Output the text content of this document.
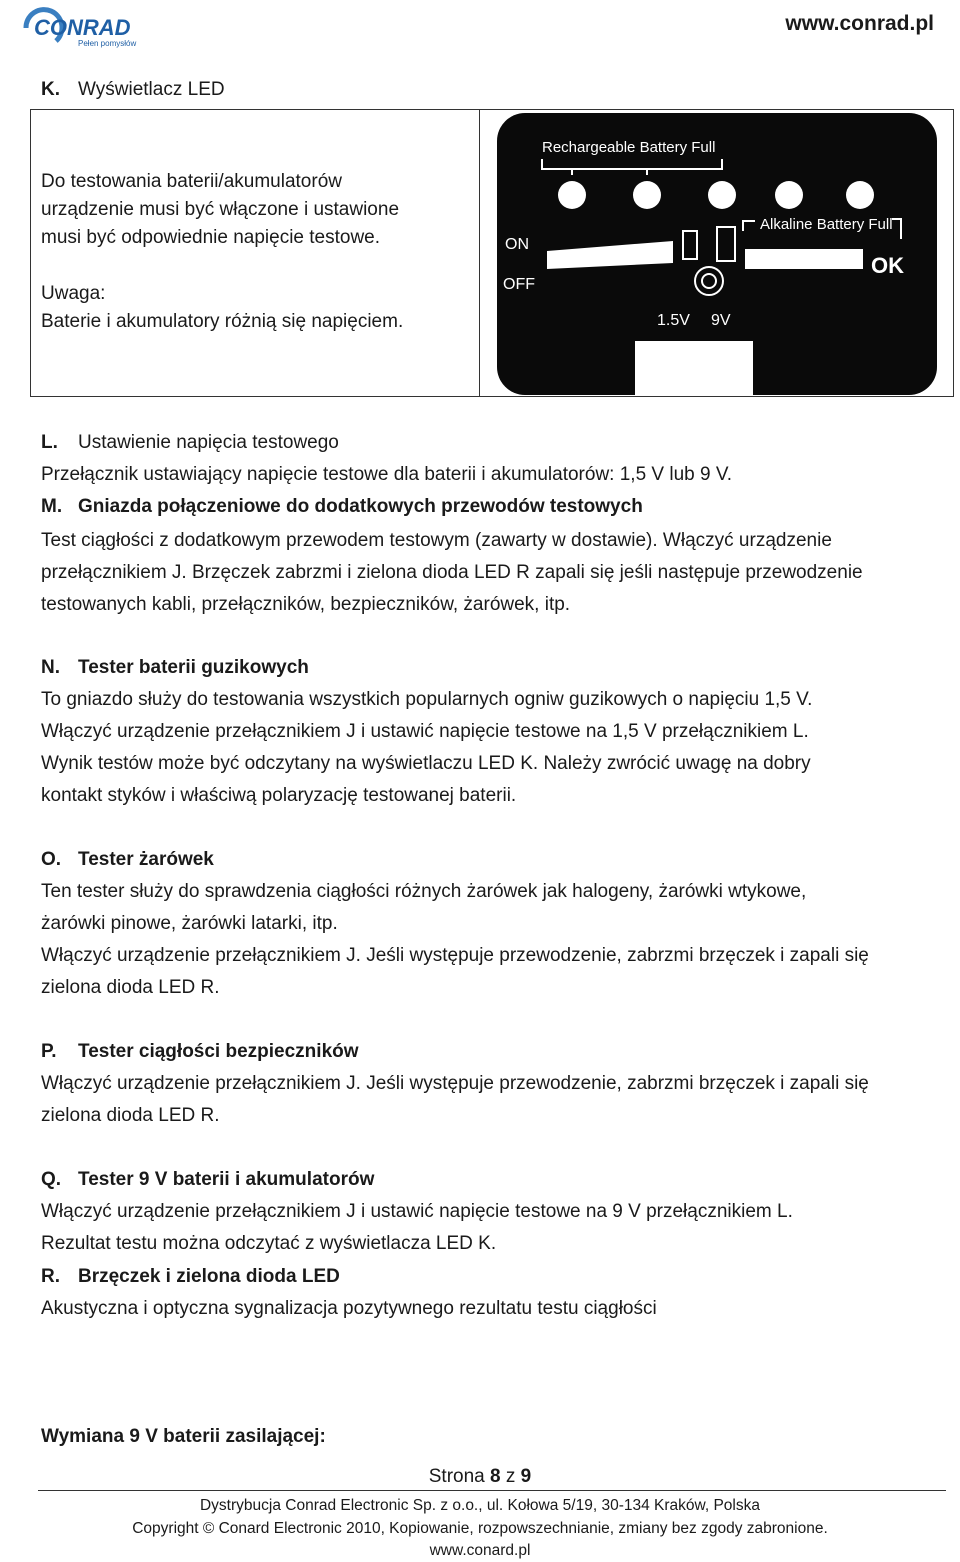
CONRAD
Pełen pomysłów
www.conrad.pl
K. Wyświetlacz LED
Do testowania baterii/akumulatorów
urządzenie musi być włączone i ustawione
musi być odpowiednie napięcie testowe.
Uwaga:
Baterie i akumulatory różnią się napięciem.
Rechargeable Battery Full
Alkaline Battery Full
ON
OFF
OK
1.5V 9V
L. Ustawienie napięcia testowego
Przełącznik ustawiający napięcie testowe dla baterii i akumulatorów: 1,5 V lub 9 V.
M. Gniazda połączeniowe do dodatkowych przewodów testowych
Test ciągłości z dodatkowym przewodem testowym (zawarty w dostawie). Włączyć urządzenie
przełącznikiem J. Brzęczek zabrzmi i zielona dioda LED R zapali się jeśli następuje przewodzenie
testowanych kabli, przełączników, bezpieczników, żarówek, itp.
N. Tester baterii guzikowych
To gniazdo służy do testowania wszystkich popularnych ogniw guzikowych o napięciu 1,5 V.
Włączyć urządzenie przełącznikiem J i ustawić napięcie testowe na 1,5 V przełącznikiem L.
Wynik testów może być odczytany na wyświetlaczu LED K. Należy zwrócić uwagę na dobry
kontakt styków i właściwą polaryzację testowanej baterii.
O. Tester żarówek
Ten tester służy do sprawdzenia ciągłości różnych żarówek jak halogeny, żarówki wtykowe,
żarówki pinowe, żarówki latarki, itp.
Włączyć urządzenie przełącznikiem J. Jeśli występuje przewodzenie, zabrzmi brzęczek i zapali się
zielona dioda LED R.
P. Tester ciągłości bezpieczników
Włączyć urządzenie przełącznikiem J. Jeśli występuje przewodzenie, zabrzmi brzęczek i zapali się
zielona dioda LED R.
Q. Tester 9 V baterii i akumulatorów
Włączyć urządzenie przełącznikiem J i ustawić napięcie testowe na 9 V przełącznikiem L.
Rezultat testu można odczytać z wyświetlacza LED K.
R. Brzęczek i zielona dioda LED
Akustyczna i optyczna sygnalizacja pozytywnego rezultatu testu ciągłości
Wymiana 9 V baterii zasilającej:
Strona 8 z 9
Dystrybucja Conrad Electronic Sp. z o.o., ul. Kołowa 5/19, 30-134 Kraków, Polska
Copyright © Conard Electronic 2010, Kopiowanie, rozpowszechnianie, zmiany bez zgody zabronione.
www.conard.pl
